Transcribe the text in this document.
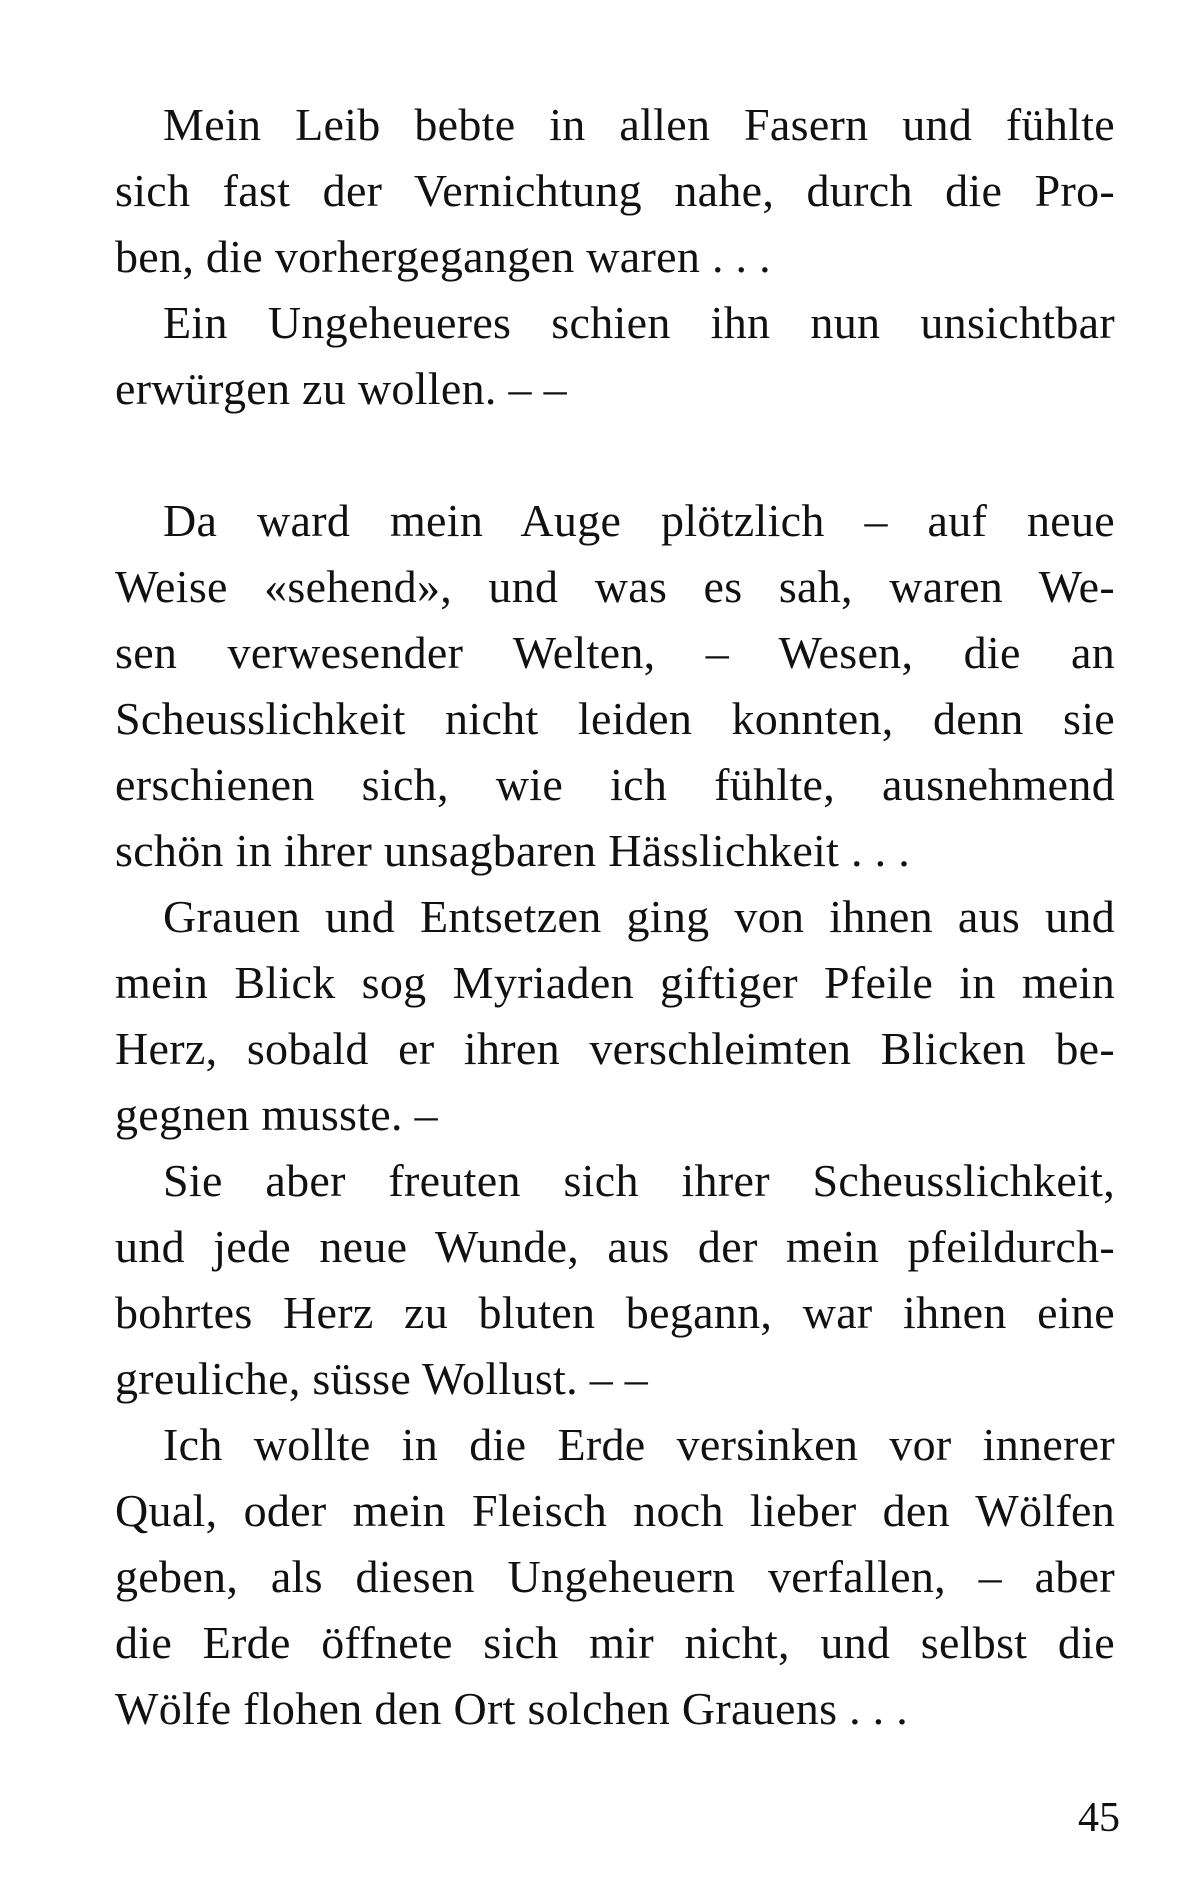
Mein Leib bebte in allen Fasern und fühlte
sich fast der Vernichtung nahe, durch die Pro-
ben, die vorhergegangen waren . . .
Ein Ungeheueres schien ihn nun unsichtbar
erwürgen zu wollen. – –
Da ward mein Auge plötzlich – auf neue
Weise «sehend», und was es sah, waren We-
sen verwesender Welten, – Wesen, die an
Scheusslichkeit nicht leiden konnten, denn sie
erschienen sich, wie ich fühlte, ausnehmend
schön in ihrer unsagbaren Hässlichkeit . . .
Grauen und Entsetzen ging von ihnen aus und
mein Blick sog Myriaden giftiger Pfeile in mein
Herz, sobald er ihren verschleimten Blicken be-
gegnen musste. –
Sie aber freuten sich ihrer Scheusslichkeit,
und jede neue Wunde, aus der mein pfeildurch-
bohrtes Herz zu bluten begann, war ihnen eine
greuliche, süsse Wollust. – –
Ich wollte in die Erde versinken vor innerer
Qual, oder mein Fleisch noch lieber den Wölfen
geben, als diesen Ungeheuern verfallen, – aber
die Erde öffnete sich mir nicht, und selbst die
Wölfe flohen den Ort solchen Grauens . . .
45
